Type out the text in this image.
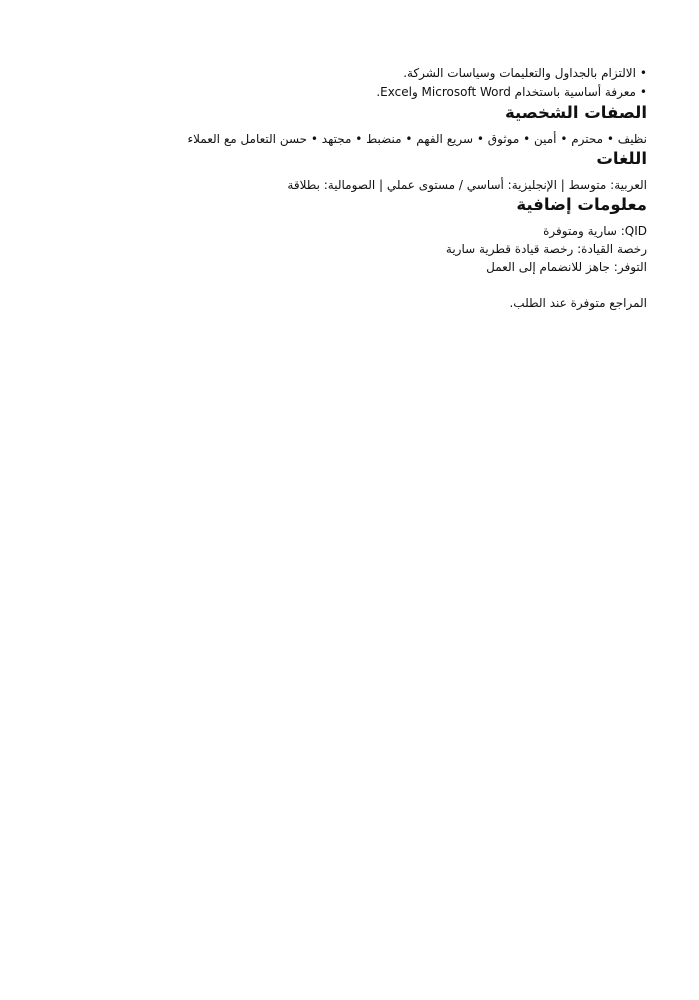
•الالتزام بالجداول والتعليمات وسياسات الشركة.
•معرفة أساسية باستخدام Microsoft Word وExcel.
الصفات الشخصية

نظيف • محترم • أمين • موثوق • سريع الفهم • منضبط • مجتهد • حسن التعامل مع العملاء

اللغات

العربية: متوسط | الإنجليزية: أساسي / مستوى عملي | الصومالية: بطلاقة

معلومات إضافية

QID: سارية ومتوفرة

رخصة القيادة: رخصة قيادة قطرية سارية

التوفر: جاهز للانضمام إلى العمل

المراجع متوفرة عند الطلب.
